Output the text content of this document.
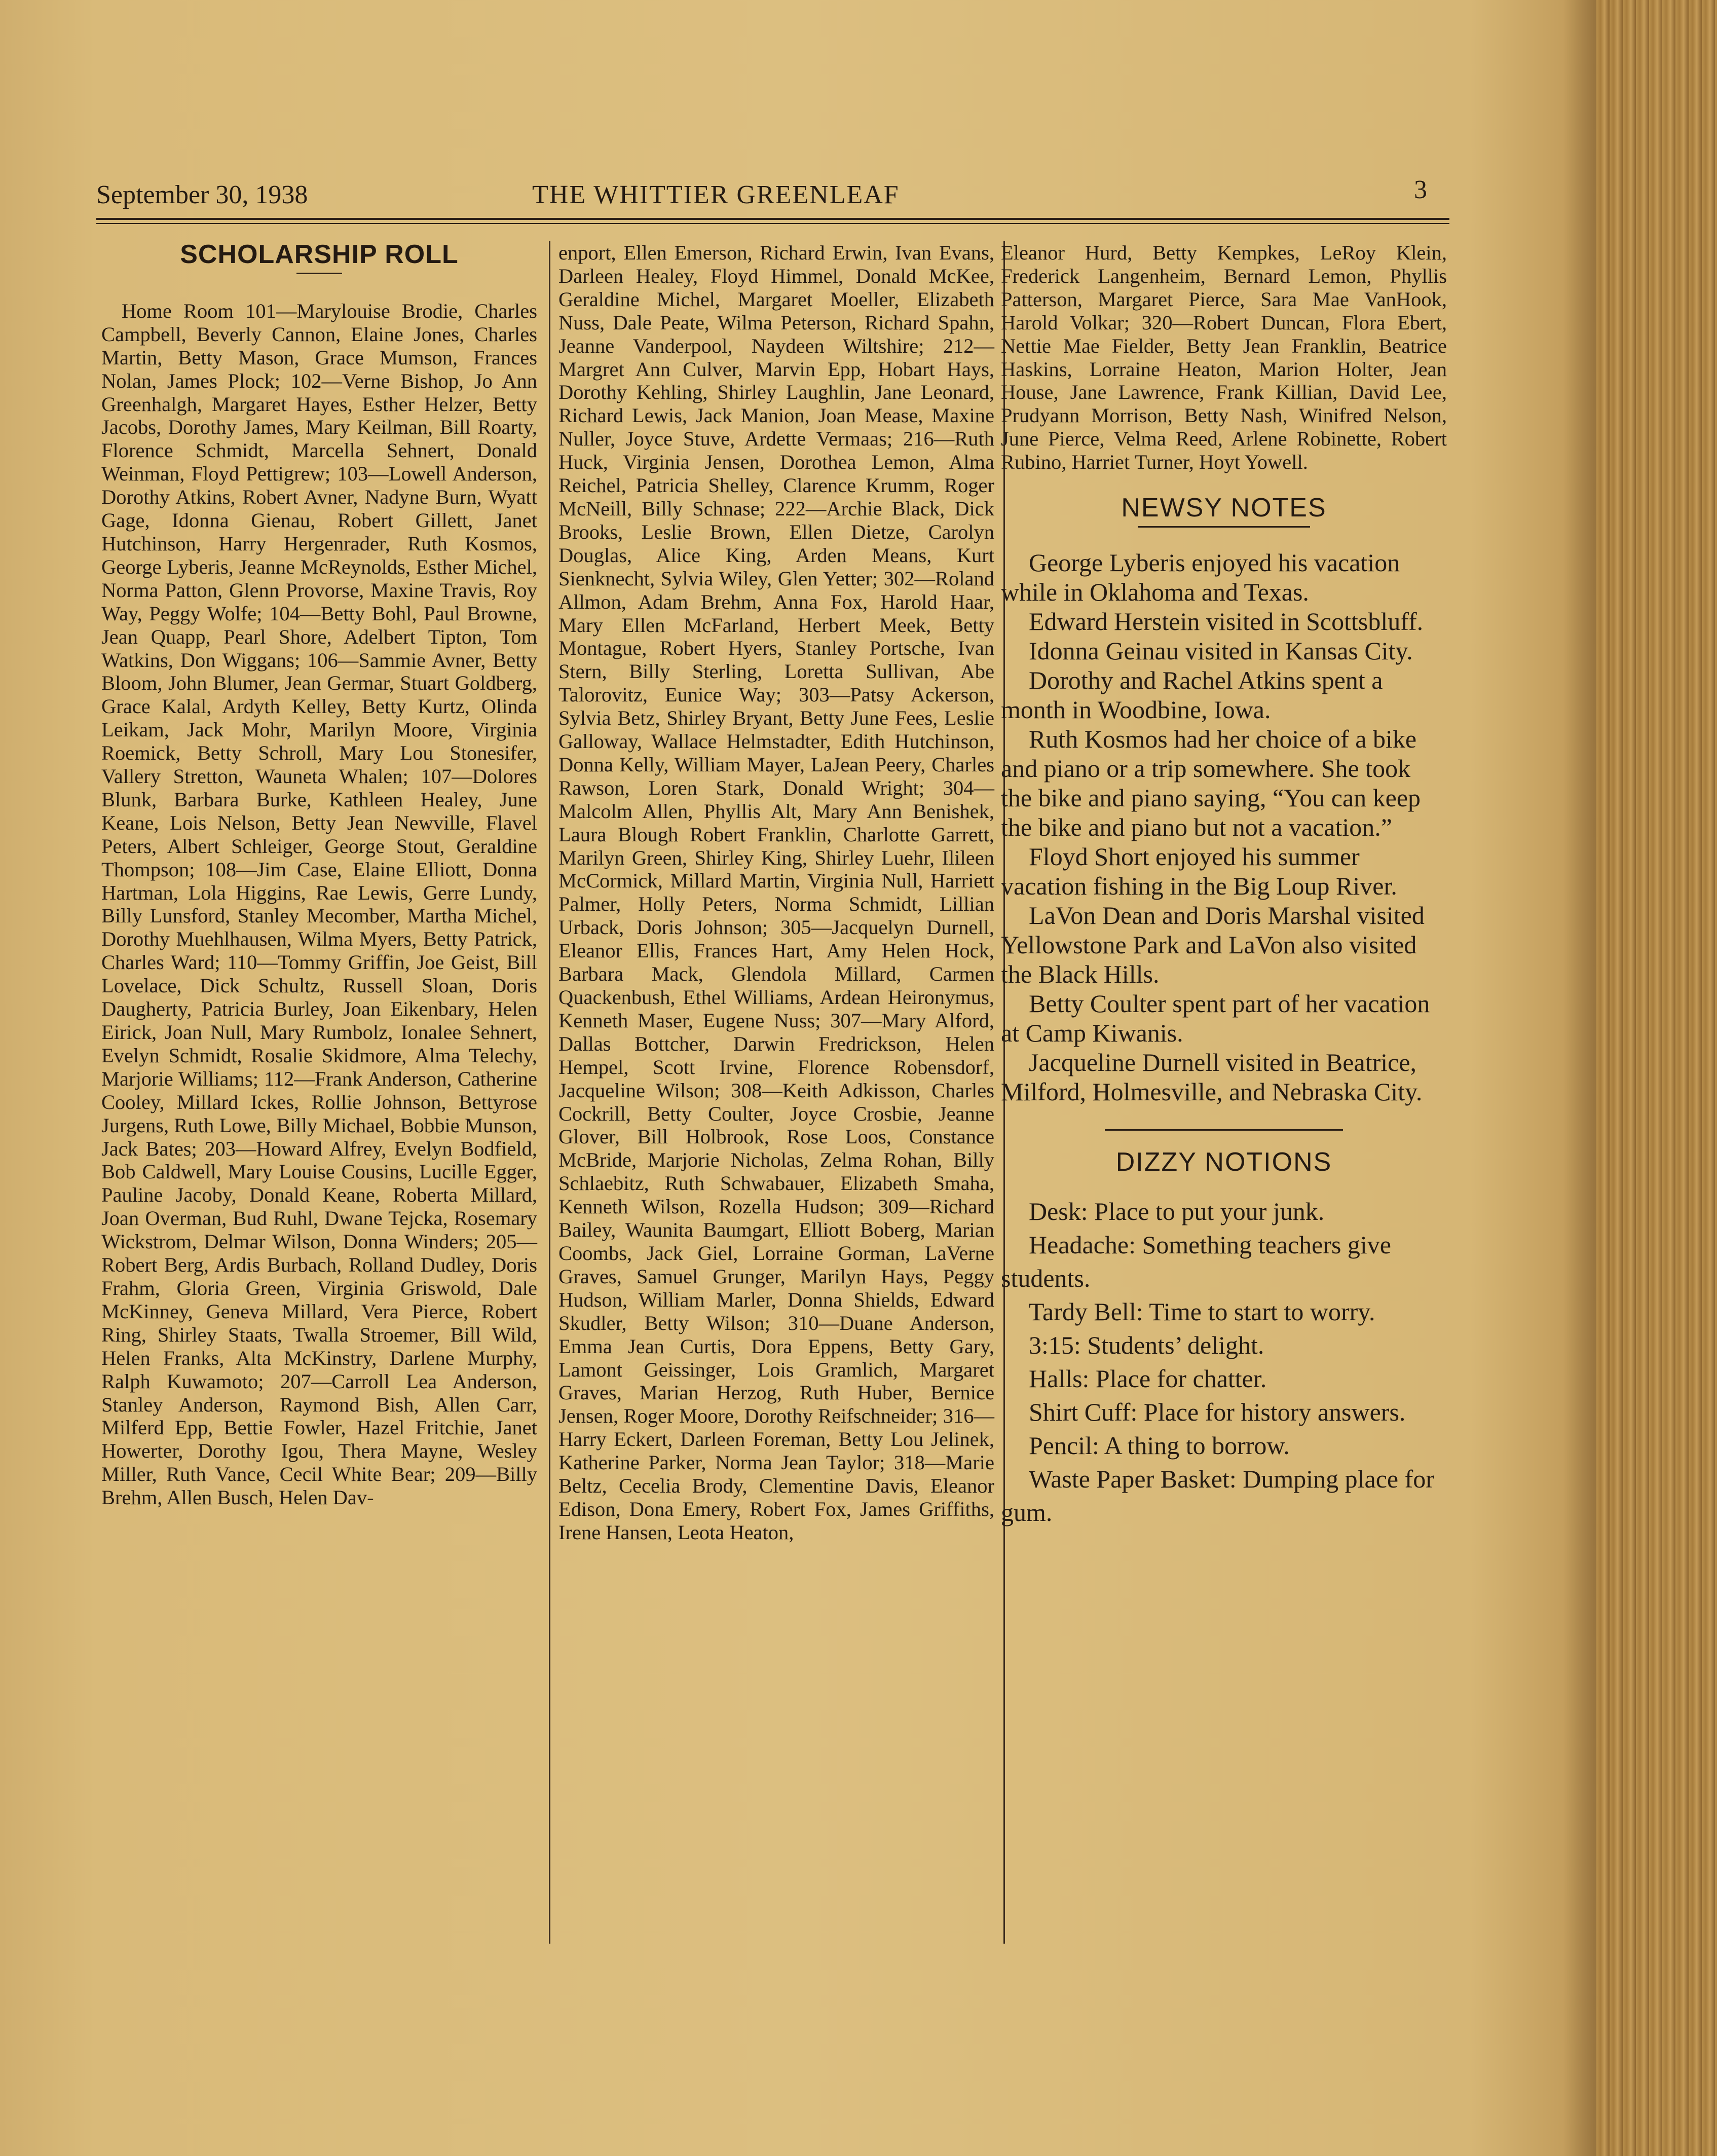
September 30, 1938	THE WHITTIER GREENLEAF	3
SCHOLARSHIP ROLL

Home Room 101—Marylouise Brodie, Charles Campbell, Beverly Cannon, Elaine Jones, Charles Martin, Betty Mason, Grace Mumson, Frances Nolan, James Plock; 102—Verne Bishop, Jo Ann Greenhalgh, Margaret Hayes, Esther Helzer, Betty Jacobs, Dorothy James, Mary Keilman, Bill Roarty, Florence Schmidt, Marcella Sehnert, Donald Weinman, Floyd Pettigrew; 103—Lowell Anderson, Dorothy Atkins, Robert Avner, Nadyne Burn, Wyatt Gage, Idonna Gienau, Robert Gillett, Janet Hutchinson, Harry Hergenrader, Ruth Kosmos, George Lyberis, Jeanne McReynolds, Esther Michel, Norma Patton, Glenn Provorse, Maxine Travis, Roy Way, Peggy Wolfe; 104—Betty Bohl, Paul Browne, Jean Quapp, Pearl Shore, Adelbert Tipton, Tom Watkins, Don Wiggans; 106—Sammie Avner, Betty Bloom, John Blumer, Jean Germar, Stuart Goldberg, Grace Kalal, Ardyth Kelley, Betty Kurtz, Olinda Leikam, Jack Mohr, Marilyn Moore, Virginia Roemick, Betty Schroll, Mary Lou Stonesifer, Vallery Stretton, Wauneta Whalen; 107—Dolores Blunk, Barbara Burke, Kathleen Healey, June Keane, Lois Nelson, Betty Jean Newville, Flavel Peters, Albert Schleiger, George Stout, Geraldine Thompson; 108—Jim Case, Elaine Elliott, Donna Hartman, Lola Higgins, Rae Lewis, Gerre Lundy, Billy Lunsford, Stanley Mecomber, Martha Michel, Dorothy Muehlhausen, Wilma Myers, Betty Patrick, Charles Ward; 110—Tommy Griffin, Joe Geist, Bill Lovelace, Dick Schultz, Russell Sloan, Doris Daugherty, Patricia Burley, Joan Eikenbary, Helen Eirick, Joan Null, Mary Rumbolz, Ionalee Sehnert, Evelyn Schmidt, Rosalie Skidmore, Alma Telechy, Marjorie Williams; 112—Frank Anderson, Catherine Cooley, Millard Ickes, Rollie Johnson, Bettyrose Jurgens, Ruth Lowe, Billy Michael, Bobbie Munson, Jack Bates; 203—Howard Alfrey, Evelyn Bodfield, Bob Caldwell, Mary Louise Cousins, Lucille Egger, Pauline Jacoby, Donald Keane, Roberta Millard, Joan Overman, Bud Ruhl, Dwane Tejcka, Rosemary Wickstrom, Delmar Wilson, Donna Winders; 205—Robert Berg, Ardis Burbach, Rolland Dudley, Doris Frahm, Gloria Green, Virginia Griswold, Dale McKinney, Geneva Millard, Vera Pierce, Robert Ring, Shirley Staats, Twalla Stroemer, Bill Wild, Helen Franks, Alta McKinstry, Darlene Murphy, Ralph Kuwamoto; 207—Carroll Lea Anderson, Stanley Anderson, Raymond Bish, Allen Carr, Milferd Epp, Bettie Fowler, Hazel Fritchie, Janet Howerter, Dorothy Igou, Thera Mayne, Wesley Miller, Ruth Vance, Cecil White Bear; 209—Billy Brehm, Allen Busch, Helen Dav-

enport, Ellen Emerson, Richard Erwin, Ivan Evans, Darleen Healey, Floyd Himmel, Donald McKee, Geraldine Michel, Margaret Moeller, Elizabeth Nuss, Dale Peate, Wilma Peterson, Richard Spahn, Jeanne Vanderpool, Naydeen Wiltshire; 212—Margret Ann Culver, Marvin Epp, Hobart Hays, Dorothy Kehling, Shirley Laughlin, Jane Leonard, Richard Lewis, Jack Manion, Joan Mease, Maxine Nuller, Joyce Stuve, Ardette Vermaas; 216—Ruth Huck, Virginia Jensen, Dorothea Lemon, Alma Reichel, Patricia Shelley, Clarence Krumm, Roger McNeill, Billy Schnase; 222—Archie Black, Dick Brooks, Leslie Brown, Ellen Dietze, Carolyn Douglas, Alice King, Arden Means, Kurt Sienknecht, Sylvia Wiley, Glen Yetter; 302—Roland Allmon, Adam Brehm, Anna Fox, Harold Haar, Mary Ellen McFarland, Herbert Meek, Betty Montague, Robert Hyers, Stanley Portsche, Ivan Stern, Billy Sterling, Loretta Sullivan, Abe Talorovitz, Eunice Way; 303—Patsy Ackerson, Sylvia Betz, Shirley Bryant, Betty June Fees, Leslie Galloway, Wallace Helmstadter, Edith Hutchinson, Donna Kelly, William Mayer, LaJean Peery, Charles Rawson, Loren Stark, Donald Wright; 304—Malcolm Allen, Phyllis Alt, Mary Ann Benishek, Laura Blough Robert Franklin, Charlotte Garrett, Marilyn Green, Shirley King, Shirley Luehr, Ilileen McCormick, Millard Martin, Virginia Null, Harriett Palmer, Holly Peters, Norma Schmidt, Lillian Urback, Doris Johnson; 305—Jacquelyn Durnell, Eleanor Ellis, Frances Hart, Amy Helen Hock, Barbara Mack, Glendola Millard, Carmen Quackenbush, Ethel Williams, Ardean Heironymus, Kenneth Maser, Eugene Nuss; 307—Mary Alford, Dallas Bottcher, Darwin Fredrickson, Helen Hempel, Scott Irvine, Florence Robensdorf, Jacqueline Wilson; 308—Keith Adkisson, Charles Cockrill, Betty Coulter, Joyce Crosbie, Jeanne Glover, Bill Holbrook, Rose Loos, Constance McBride, Marjorie Nicholas, Zelma Rohan, Billy Schlaebitz, Ruth Schwabauer, Elizabeth Smaha, Kenneth Wilson, Rozella Hudson; 309—Richard Bailey, Waunita Baumgart, Elliott Boberg, Marian Coombs, Jack Giel, Lorraine Gorman, LaVerne Graves, Samuel Grunger, Marilyn Hays, Peggy Hudson, William Marler, Donna Shields, Edward Skudler, Betty Wilson; 310—Duane Anderson, Emma Jean Curtis, Dora Eppens, Betty Gary, Lamont Geissinger, Lois Gramlich, Margaret Graves, Marian Herzog, Ruth Huber, Bernice Jensen, Roger Moore, Dorothy Reifschneider; 316—Harry Eckert, Darleen Foreman, Betty Lou Jelinek, Katherine Parker, Norma Jean Taylor; 318—Marie Beltz, Cecelia Brody, Clementine Davis, Eleanor Edison, Dona Emery, Robert Fox, James Griffiths, Irene Hansen, Leota Heaton,

Eleanor Hurd, Betty Kempkes, LeRoy Klein, Frederick Langenheim, Bernard Lemon, Phyllis Patterson, Margaret Pierce, Sara Mae VanHook, Harold Volkar; 320—Robert Duncan, Flora Ebert, Nettie Mae Fielder, Betty Jean Franklin, Beatrice Haskins, Lorraine Heaton, Marion Holter, Jean House, Jane Lawrence, Frank Killian, David Lee, Prudyann Morrison, Betty Nash, Winifred Nelson, June Pierce, Velma Reed, Arlene Robinette, Robert Rubino, Harriet Turner, Hoyt Yowell.

NEWSY NOTES

George Lyberis enjoyed his vacation while in Oklahoma and Texas.

Edward Herstein visited in Scottsbluff.

Idonna Geinau visited in Kansas City.

Dorothy and Rachel Atkins spent a month in Woodbine, Iowa.

Ruth Kosmos had her choice of a bike and piano or a trip somewhere. She took the bike and piano saying, “You can keep the bike and piano but not a vacation.”

Floyd Short enjoyed his summer vacation fishing in the Big Loup River.

LaVon Dean and Doris Marshal visited Yellowstone Park and LaVon also visited the Black Hills.

Betty Coulter spent part of her vacation at Camp Kiwanis.

Jacqueline Durnell visited in Beatrice, Milford, Holmesville, and Nebraska City.

DIZZY NOTIONS

Desk: Place to put your junk.

Headache: Something teachers give students.

Tardy Bell: Time to start to worry.

3:15: Students’ delight.

Halls: Place for chatter.

Shirt Cuff: Place for history answers.

Pencil: A thing to borrow.

Waste Paper Basket: Dumping place for gum.
